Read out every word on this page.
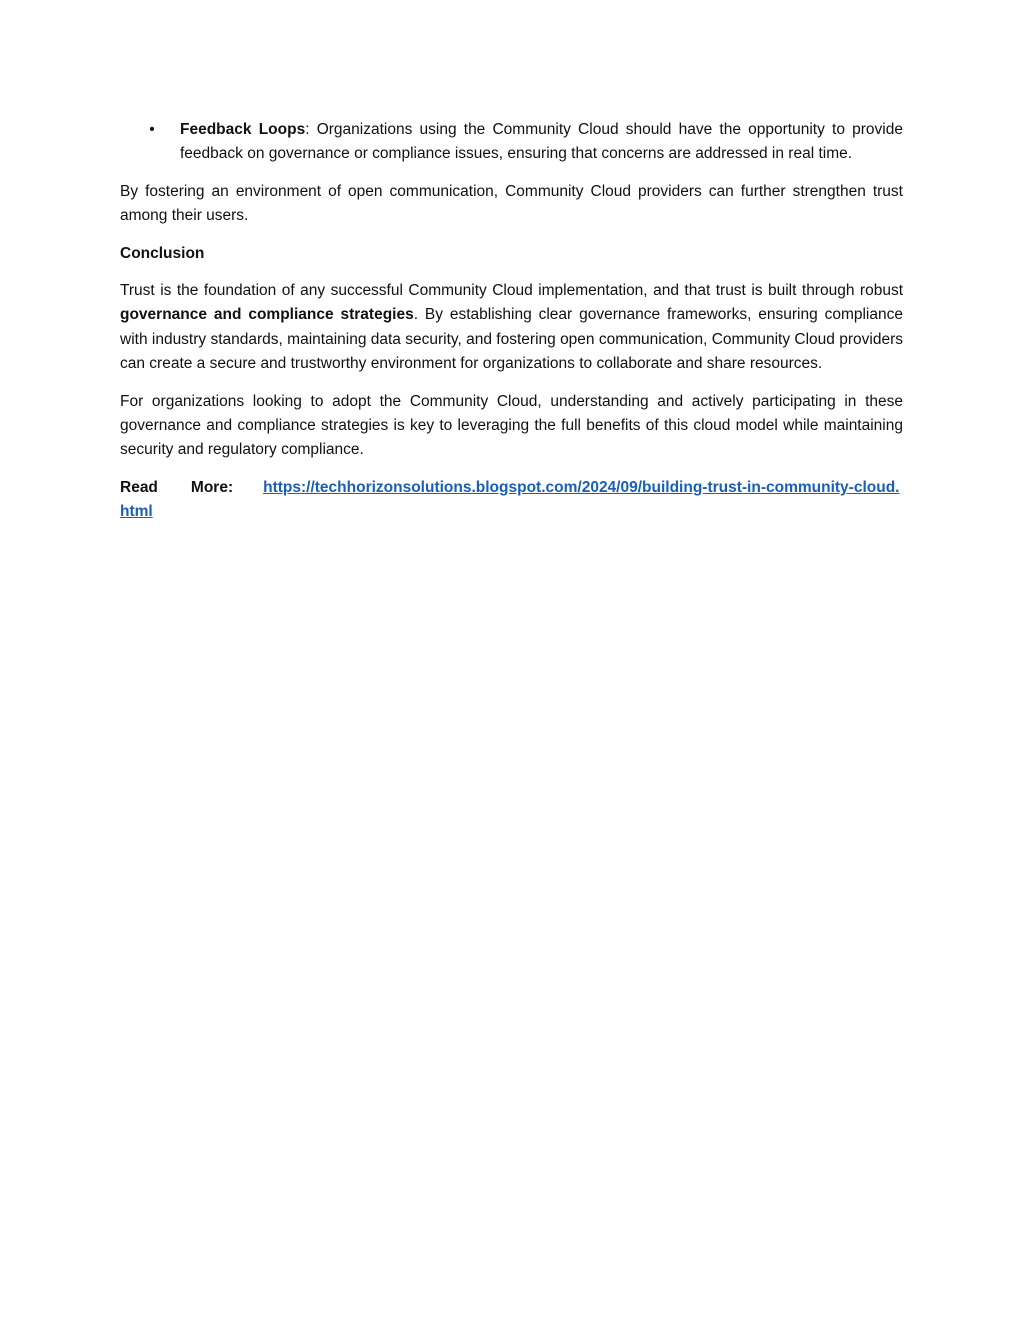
• Feedback Loops: Organizations using the Community Cloud should have the opportunity to provide feedback on governance or compliance issues, ensuring that concerns are addressed in real time.

By fostering an environment of open communication, Community Cloud providers can further strengthen trust among their users.

Conclusion

Trust is the foundation of any successful Community Cloud implementation, and that trust is built through robust governance and compliance strategies. By establishing clear governance frameworks, ensuring compliance with industry standards, maintaining data security, and fostering open communication, Community Cloud providers can create a secure and trustworthy environment for organizations to collaborate and share resources.

For organizations looking to adopt the Community Cloud, understanding and actively participating in these governance and compliance strategies is key to leveraging the full benefits of this cloud model while maintaining security and regulatory compliance.

Read More: https://techhorizonsolutions.blogspot.com/2024/09/building-trust-in-community-cloud.html
